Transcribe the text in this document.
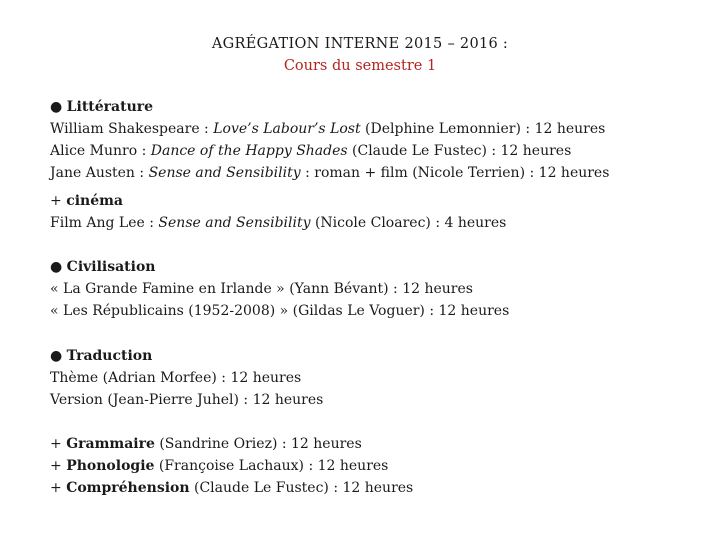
AGRÉGATION INTERNE 2015 – 2016 :
Cours du semestre 1
● Littérature
William Shakespeare : Love’s Labour’s Lost (Delphine Lemonnier) : 12 heures
Alice Munro : Dance of the Happy Shades (Claude Le Fustec) : 12 heures
Jane Austen : Sense and Sensibility : roman + film (Nicole Terrien) : 12 heures
+ cinéma
Film Ang Lee : Sense and Sensibility (Nicole Cloarec) : 4 heures
● Civilisation
« La Grande Famine en Irlande » (Yann Bévant) : 12 heures
« Les Républicains (1952-2008) » (Gildas Le Voguer) : 12 heures
● Traduction
Thème (Adrian Morfee) : 12 heures
Version (Jean-Pierre Juhel) : 12 heures
+ Grammaire (Sandrine Oriez) : 12 heures
+ Phonologie (Françoise Lachaux) : 12 heures
+ Compréhension (Claude Le Fustec) : 12 heures
